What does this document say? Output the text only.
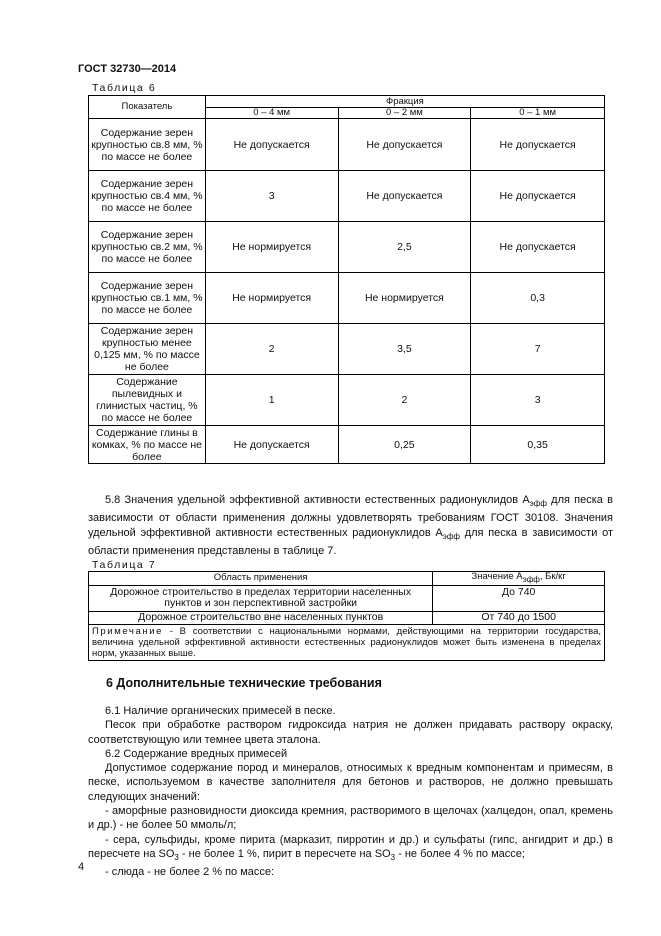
ГОСТ 32730—2014
Таблица 6
Показатель	Фракция		
	0 – 4 мм	0 – 2 мм	0 – 1 мм
Содержание зерен крупностью св.8 мм, % по массе не более	Не допускается	Не допускается	Не допускается
Содержание зерен крупностью св.4 мм, % по массе не более	3	Не допускается	Не допускается
Содержание зерен крупностью св.2 мм, % по массе не более	Не нормируется	2,5	Не допускается
Содержание зерен крупностью св.1 мм, % по массе не более	Не нормируется	Не нормируется	0,3
Содержание зерен крупностью менее 0,125 мм, % по массе не более	2	3,5	7
Содержание пылевидных и глинистых частиц, % по массе не более	1	2	3
Содержание глины в комках, % по массе не более	Не допускается	0,25	0,35
5.8 Значения удельной эффективной активности естественных радионуклидов $А_{эфф}$ для песка в зависимости от области применения должны удовлетворять требованиям ГОСТ 30108. Значения удельной эффективной активности естественных радионуклидов $А_{эфф}$ для песка в зависимости от области применения представлены в таблице 7.
Таблица 7
Область применения	Значение $А_{эфф}$, Бк/кг
Дорожное строительство в пределах территории населенных пунктов и зон перспективной застройки	До 740
Дорожное строительство вне населенных пунктов	От 740 до 1500
Примечание - В соответствии с национальными нормами, действующими на территории государства, величина удельной эффективной активности естественных радионуклидов может быть изменена в пределах норм, указанных выше.	
6 Дополнительные технические требования

6.1 Наличие органических примесей в песке.

Песок при обработке раствором гидроксида натрия не должен придавать раствору окраску, соответствующую или темнее цвета эталона.

6.2 Содержание вредных примесей

Допустимое содержание пород и минералов, относимых к вредным компонентам и примесям, в песке, используемом в качестве заполнителя для бетонов и растворов, не должно превышать следующих значений:

- аморфные разновидности диоксида кремния, растворимого в щелочах (халцедон, опал, кремень и др.) - не более 50 ммоль/л;

- сера, сульфиды, кроме пирита (марказит, пирротин и др.) и сульфаты (гипс, ангидрит и др.) в пересчете на $SO_3$ - не более 1 %, пирит в пересчете на $SO_3$ - не более 4 % по массе;

- слюда - не более 2 % по массе:

4
